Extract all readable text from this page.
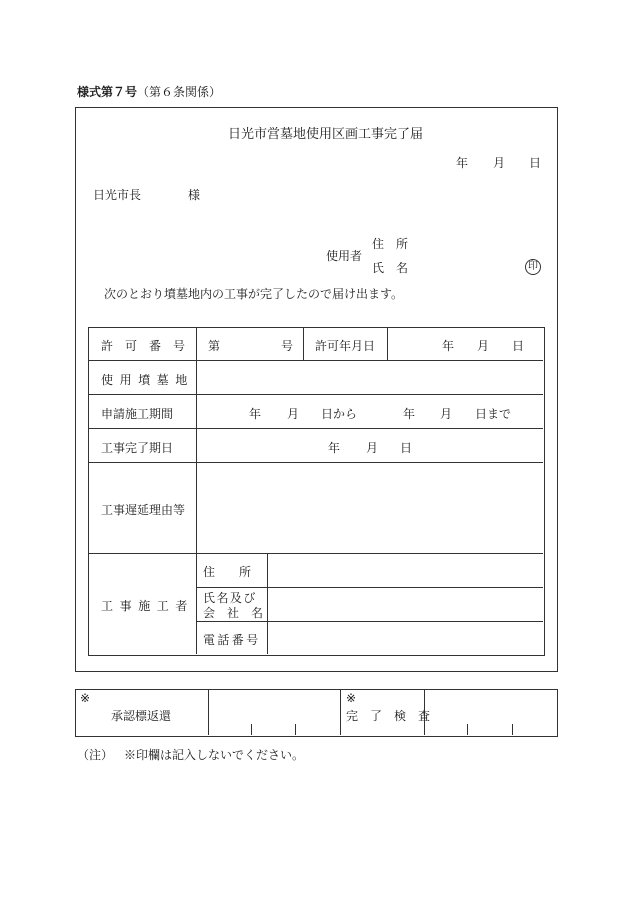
様式第７号（第６条関係）
日光市営墓地使用区画工事完了届
年 月 日
日光市長	様
使用者
住　所
氏　名	印
次のとおり墳墓地内の工事が完了したので届け出ます。
許　可　番　号 第	号 許可年月日	年 月 日
使用墳墓地
申請施工期間	年 月 日から	年 月 日まで
工事完了期日	年 月 日
工事遅延理由等
工事施工者
住　　所
氏名及び
会　社　名
電話番号
※
承認標返還
※
完　了　検　査
（注） ※印欄は記入しないでください。
